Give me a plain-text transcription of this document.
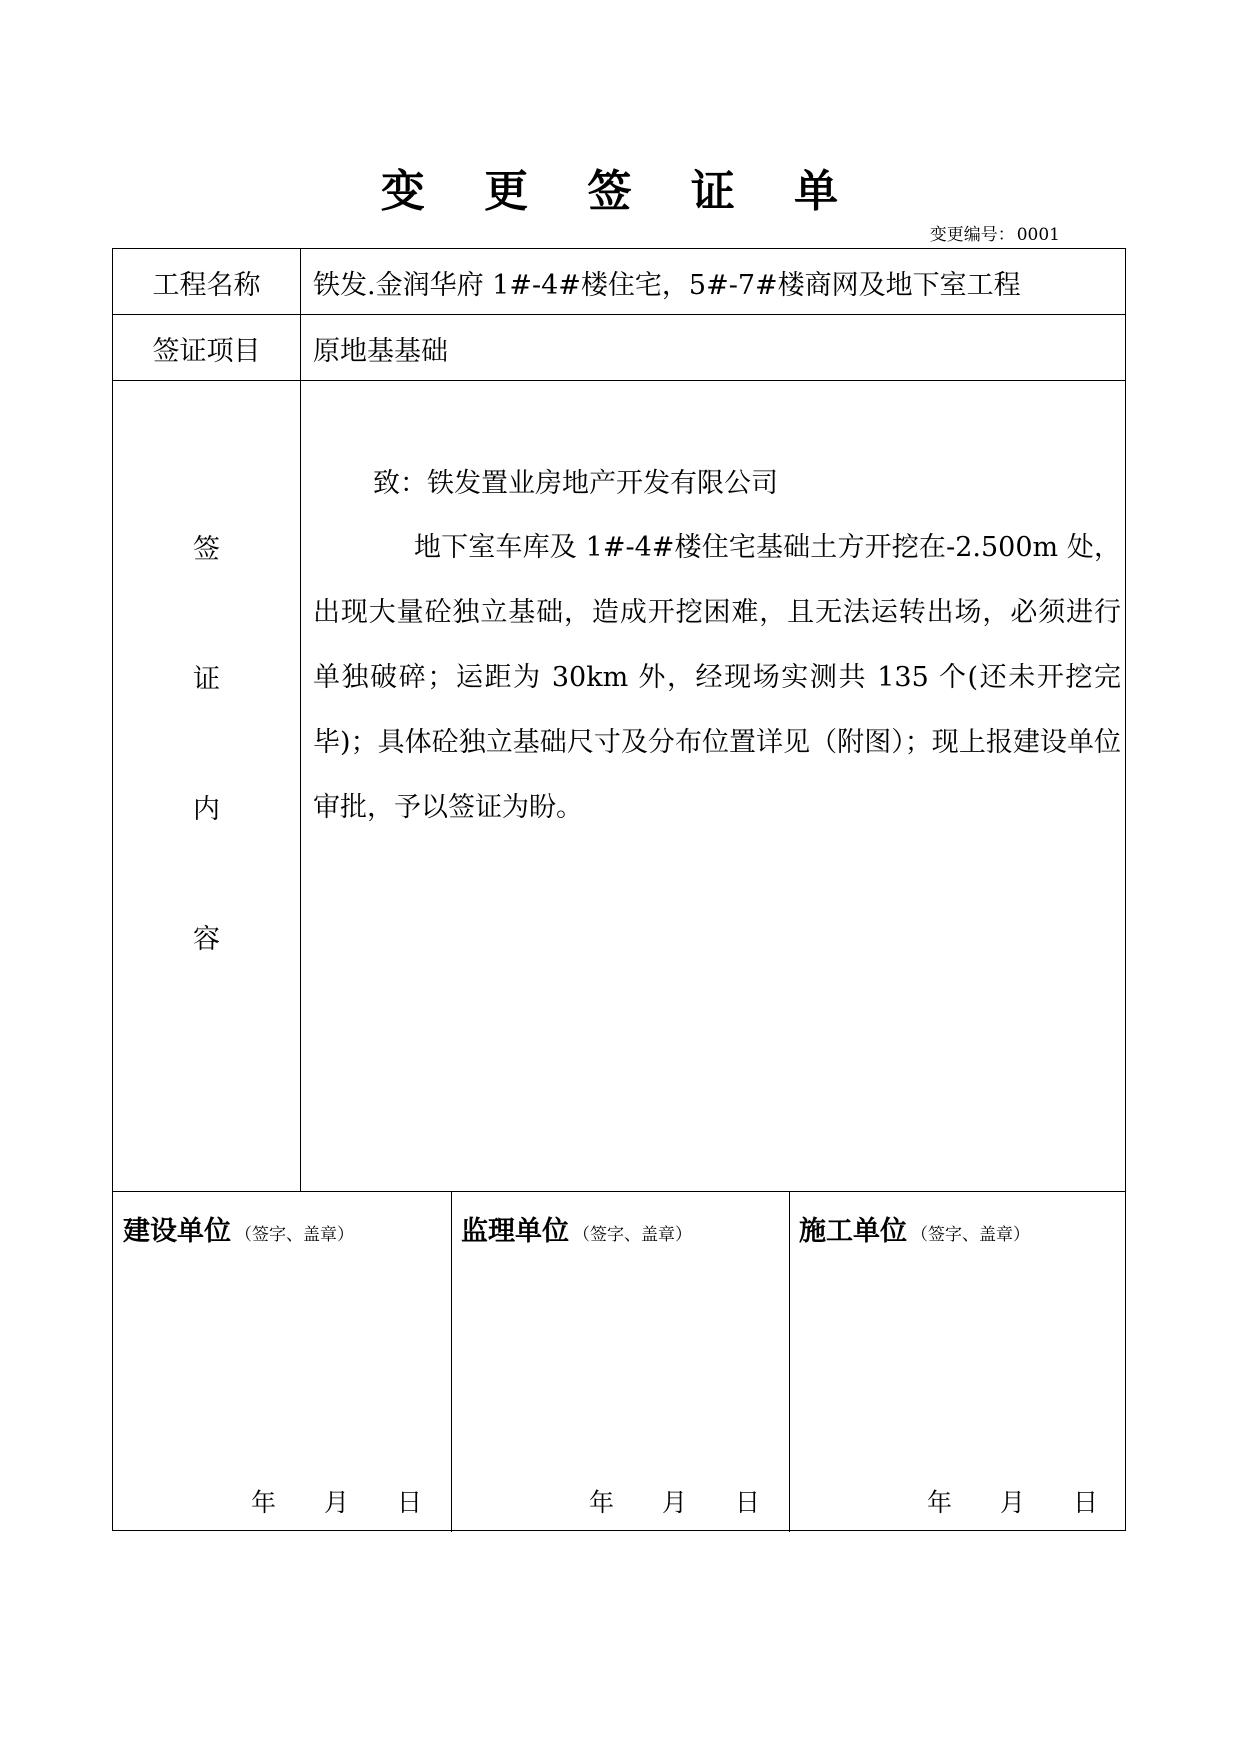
变 更 签 证 单
变更编号： 0001
工程名称	铁发.金润华府 1#-4#楼住宅，5#-7#楼商网及地下室工程
签证项目	原地基基础
签
证
内
容
致：铁发置业房地产开发有限公司
地下室车库及 1#-4#楼住宅基础土方开挖在-2.500m 处，出现大量砼独立基础，造成开挖困难，且无法运转出场，必须进行单独破碎；运距为 30km 外，经现场实测共 135 个(还未开挖完毕)；具体砼独立基础尺寸及分布位置详见（附图）；现上报建设单位审批，予以签证为盼。
建设单位 （签字、盖章）
年 月 日
监理单位 （签字、盖章）
年 月 日
施工单位 （签字、盖章）
年 月 日
